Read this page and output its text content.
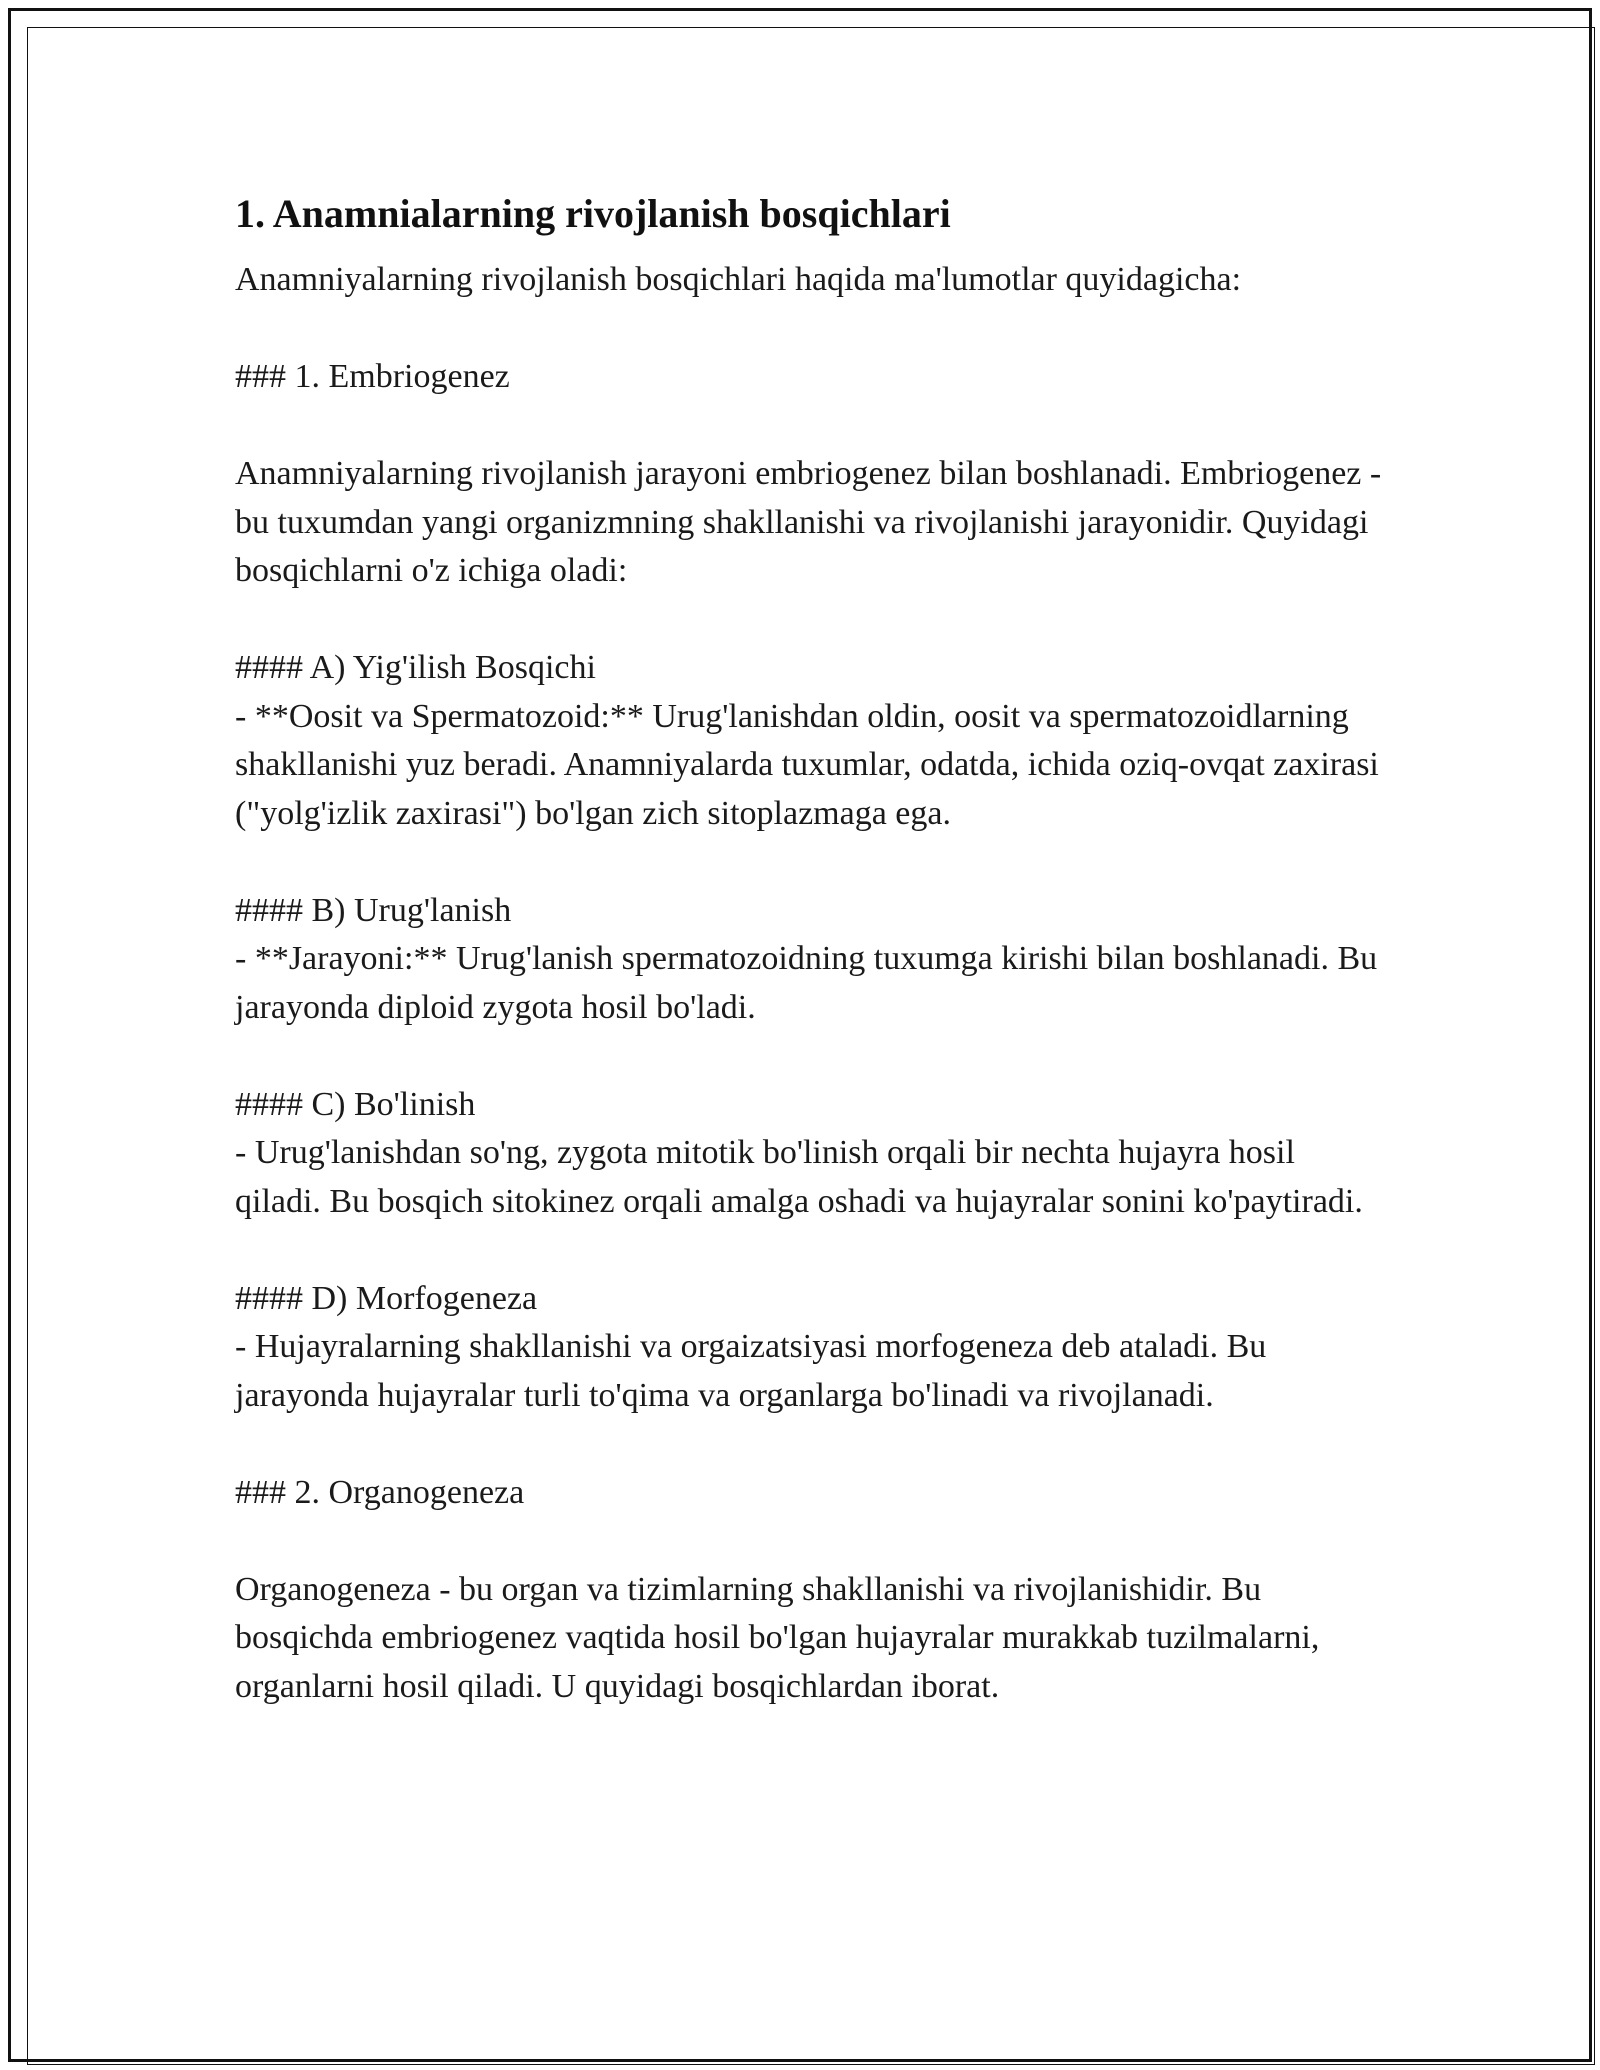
1. Anamnialarning rivojlanish bosqichlari

Anamniyalarning rivojlanish bosqichlari haqida ma'lumotlar quyidagicha:

### 1. Embriogenez

Anamniyalarning rivojlanish jarayoni embriogenez bilan boshlanadi. Embriogenez - bu tuxumdan yangi organizmning shakllanishi va rivojlanishi jarayonidir. Quyidagi bosqichlarni o'z ichiga oladi:

#### A) Yig'ilish Bosqichi

- **Oosit va Spermatozoid:** Urug'lanishdan oldin, oosit va spermatozoidlarning shakllanishi yuz beradi. Anamniyalarda tuxumlar, odatda, ichida oziq-ovqat zaxirasi ("yolg'izlik zaxirasi") bo'lgan zich sitoplazmaga ega.

#### B) Urug'lanish

- **Jarayoni:** Urug'lanish spermatozoidning tuxumga kirishi bilan boshlanadi. Bu jarayonda diploid zygota hosil bo'ladi.

#### C) Bo'linish

- Urug'lanishdan so'ng, zygota mitotik bo'linish orqali bir nechta hujayra hosil qiladi. Bu bosqich sitokinez orqali amalga oshadi va hujayralar sonini ko'paytiradi.

#### D) Morfogeneza

- Hujayralarning shakllanishi va orgaizatsiyasi morfogeneza deb ataladi. Bu jarayonda hujayralar turli to'qima va organlarga bo'linadi va rivojlanadi.

### 2. Organogeneza

Organogeneza - bu organ va tizimlarning shakllanishi va rivojlanishidir. Bu bosqichda embriogenez vaqtida hosil bo'lgan hujayralar murakkab tuzilmalarni, organlarni hosil qiladi. U quyidagi bosqichlardan iborat.
